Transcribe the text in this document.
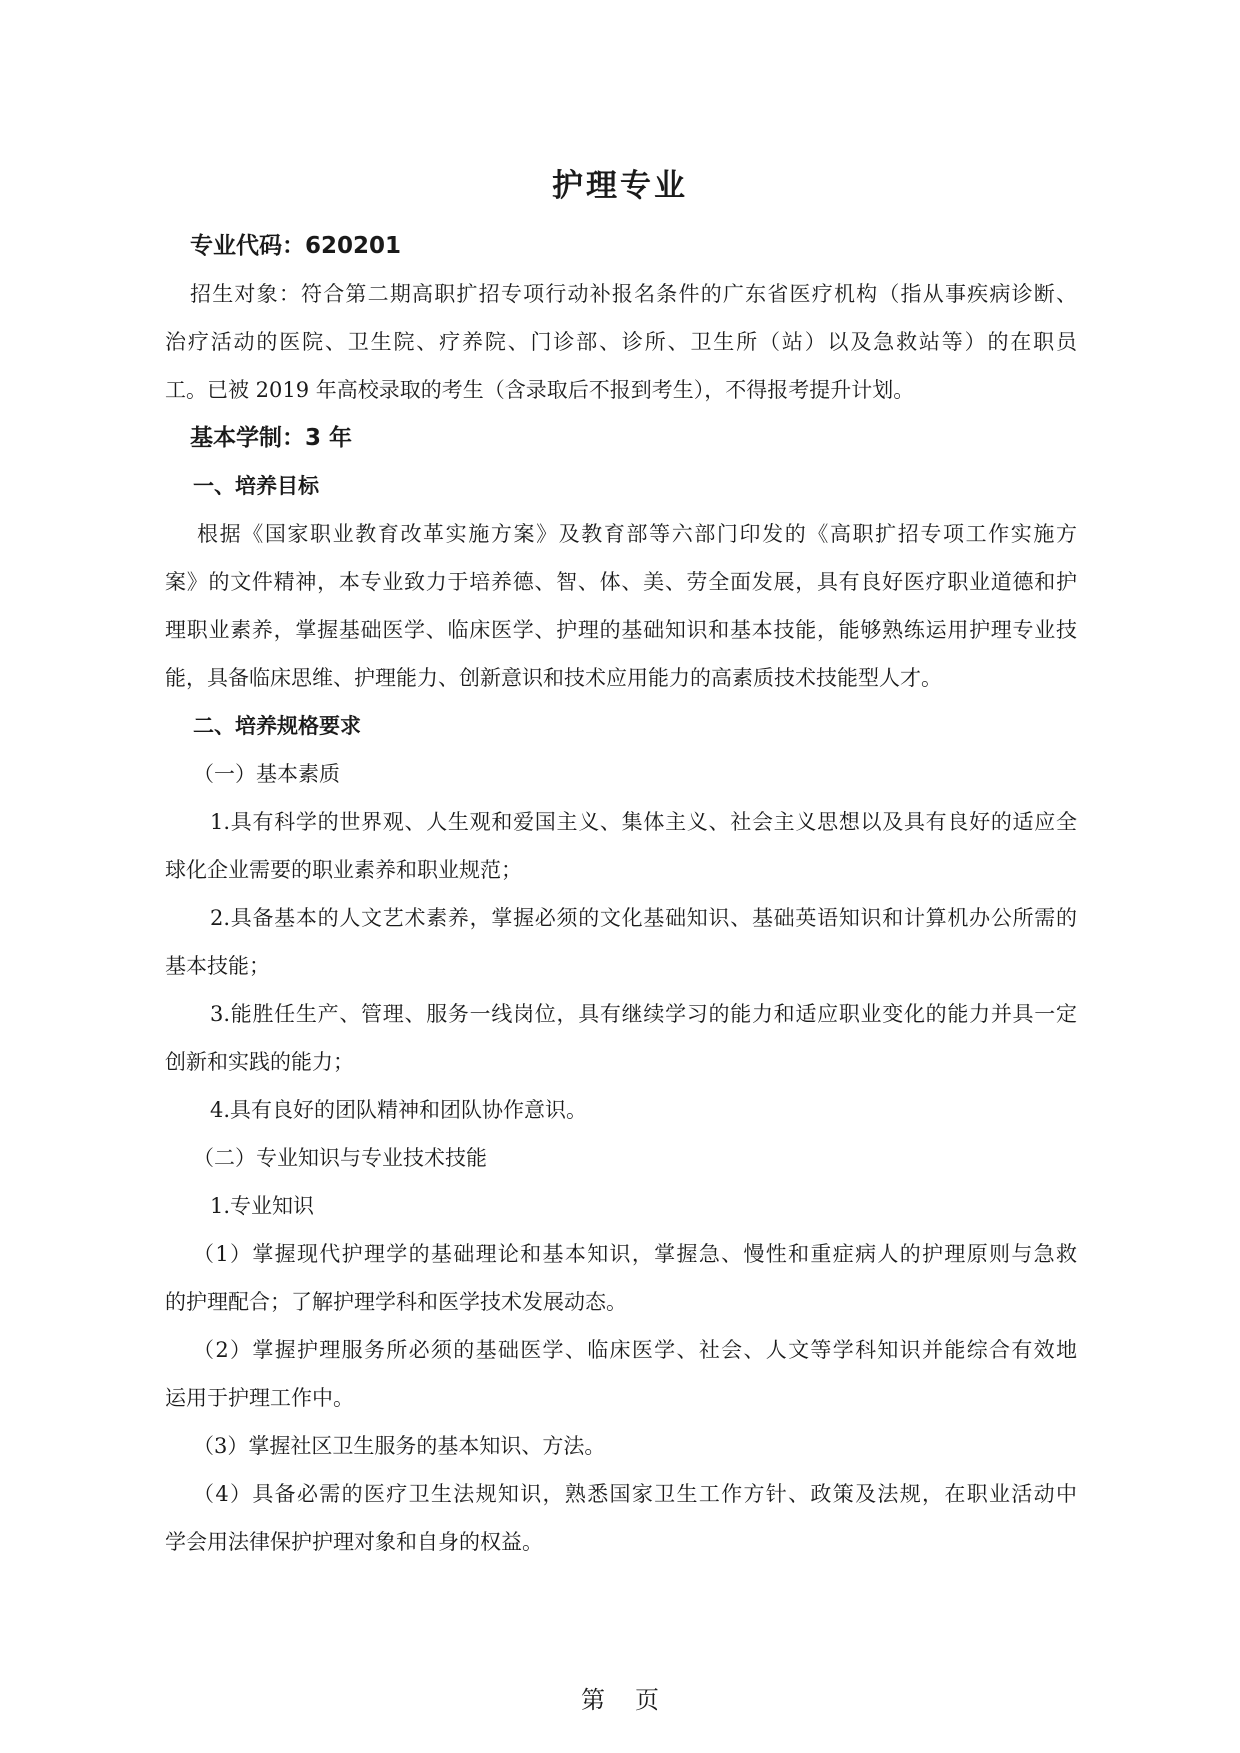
护理专业
专业代码：620201
招生对象：符合第二期高职扩招专项行动补报名条件的广东省医疗机构（指从事疾病诊断、
治疗活动的医院、卫生院、疗养院、门诊部、诊所、卫生所（站）以及急救站等）的在职员
工。已被 2019 年高校录取的考生（含录取后不报到考生），不得报考提升计划。
基本学制：3 年
一、培养目标
根据《国家职业教育改革实施方案》及教育部等六部门印发的《高职扩招专项工作实施方
案》的文件精神，本专业致力于培养德、智、体、美、劳全面发展，具有良好医疗职业道德和护
理职业素养，掌握基础医学、临床医学、护理的基础知识和基本技能，能够熟练运用护理专业技
能，具备临床思维、护理能力、创新意识和技术应用能力的高素质技术技能型人才。
二、培养规格要求
（一）基本素质
1.具有科学的世界观、人生观和爱国主义、集体主义、社会主义思想以及具有良好的适应全
球化企业需要的职业素养和职业规范；
2.具备基本的人文艺术素养，掌握必须的文化基础知识、基础英语知识和计算机办公所需的
基本技能；
3.能胜任生产、管理、服务一线岗位，具有继续学习的能力和适应职业变化的能力并具一定
创新和实践的能力；
4.具有良好的团队精神和团队协作意识。
（二）专业知识与专业技术技能
1.专业知识
（1）掌握现代护理学的基础理论和基本知识，掌握急、慢性和重症病人的护理原则与急救
的护理配合；了解护理学科和医学技术发展动态。
（2）掌握护理服务所必须的基础医学、临床医学、社会、人文等学科知识并能综合有效地
运用于护理工作中。
（3）掌握社区卫生服务的基本知识、方法。
（4）具备必需的医疗卫生法规知识，熟悉国家卫生工作方针、政策及法规，在职业活动中
学会用法律保护护理对象和自身的权益。
第 页
